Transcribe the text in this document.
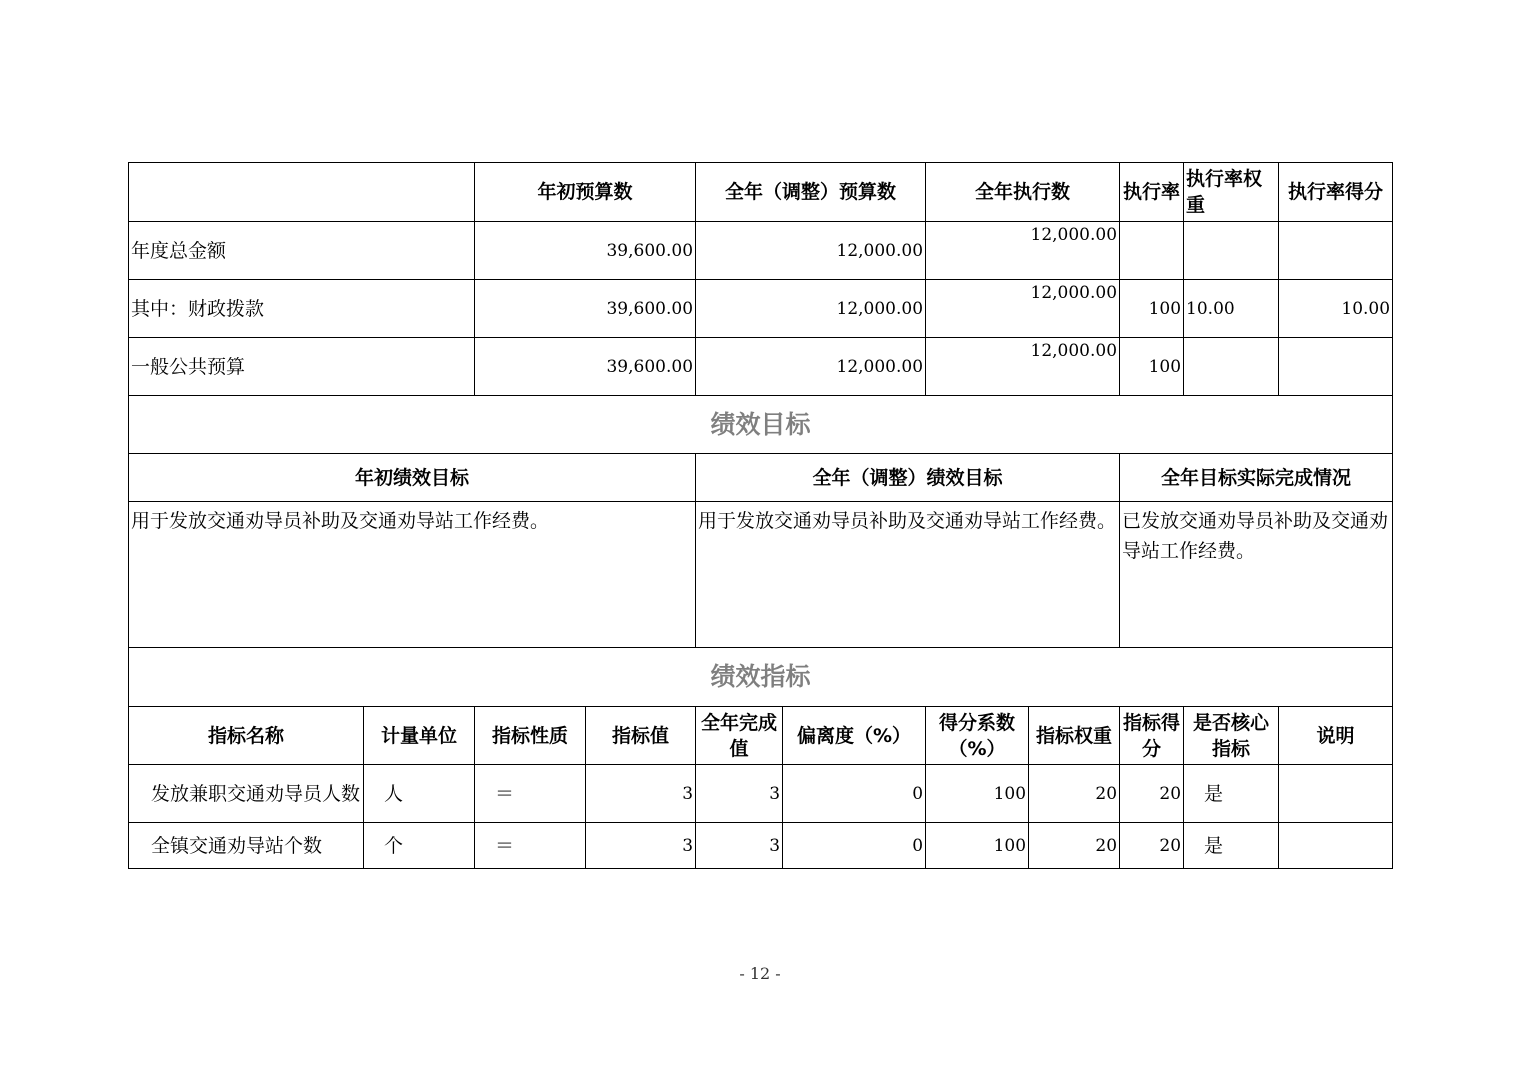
		年初预算数		全年（调整）预算数		全年执行数		执行率	执行率权重	执行率得分
年度总金额		39,600.00		12,000.00		12,000.00				
其中：财政拨款		39,600.00		12,000.00		12,000.00		100	10.00	10.00
一般公共预算		39,600.00		12,000.00		12,000.00		100		
绩效目标										
年初绩效目标				全年（调整）绩效目标				全年目标实际完成情况		
用于发放交通劝导员补助及交通劝导站工作经费。				用于发放交通劝导员补助及交通劝导站工作经费。				已发放交通劝导员补助及交通劝导站工作经费。		
绩效指标										
指标名称	计量单位	指标性质	指标值	全年完成值	偏离度（%）	得分系数（%）	指标权重	指标得分	是否核心指标	说明
发放兼职交通劝导员人数	人	＝	3	3	0	100	20	20	是	
全镇交通劝导站个数	个	＝	3	3	0	100	20	20	是	
- 12 -
